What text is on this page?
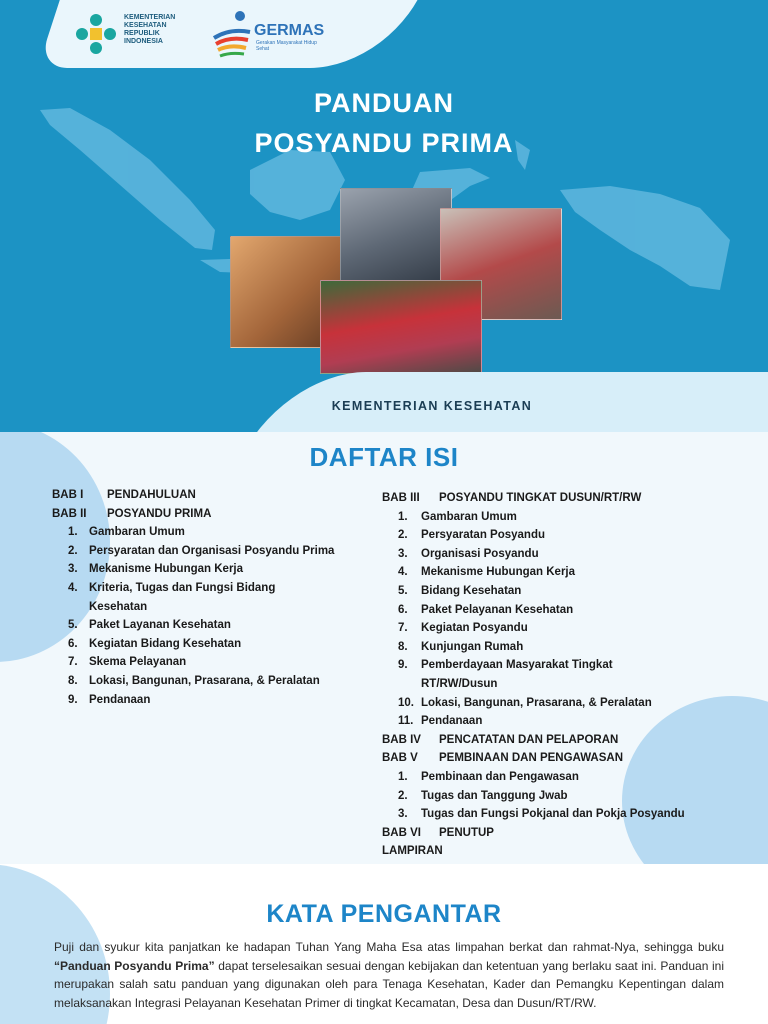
KEMENTERIAN
KESEHATAN
REPUBLIK
INDONESIA
GERMAS
Gerakan Masyarakat Hidup Sehat
PANDUAN
POSYANDU PRIMA
KEMENTERIAN KESEHATAN
DAFTAR ISI
BAB I PENDAHULUAN
BAB II POSYANDU PRIMA
1. Gambaran Umum
2. Persyaratan dan Organisasi Posyandu Prima
3. Mekanisme Hubungan Kerja
4. Kriteria, Tugas dan Fungsi Bidang Kesehatan
5. Paket Layanan Kesehatan
6. Kegiatan Bidang Kesehatan
7. Skema Pelayanan
8. Lokasi, Bangunan, Prasarana, & Peralatan
9. Pendanaan
BAB III POSYANDU TINGKAT DUSUN/RT/RW
1.	Gambaran Umum
2.	Persyaratan Posyandu
3.	Organisasi Posyandu
4.	Mekanisme Hubungan Kerja
5.	Bidang Kesehatan
6.	Paket Pelayanan Kesehatan
7.	Kegiatan Posyandu
8.	Kunjungan Rumah
9.	Pemberdayaan Masyarakat Tingkat RT/RW/Dusun
10. Lokasi, Bangunan, Prasarana, & Peralatan
11. Pendanaan
BAB IV PENCATATAN DAN PELAPORAN
BAB V PEMBINAAN DAN PENGAWASAN
1.	Pembinaan dan Pengawasan
2.	Tugas dan Tanggung Jwab
3.	Tugas dan Fungsi Pokjanal dan Pokja Posyandu
BAB VI PENUTUP
LAMPIRAN
KATA PENGANTAR
Puji dan syukur kita panjatkan ke hadapan Tuhan Yang Maha Esa atas limpahan berkat dan rahmat-Nya, sehingga buku “Panduan Posyandu Prima” dapat terselesaikan sesuai dengan kebijakan dan ketentuan yang berlaku saat ini. Panduan ini merupakan salah satu panduan yang digunakan oleh para Tenaga Kesehatan, Kader dan Pemangku Kepentingan dalam melaksanakan Integrasi Pelayanan Kesehatan Primer di tingkat Kecamatan, Desa dan Dusun/RT/RW.
